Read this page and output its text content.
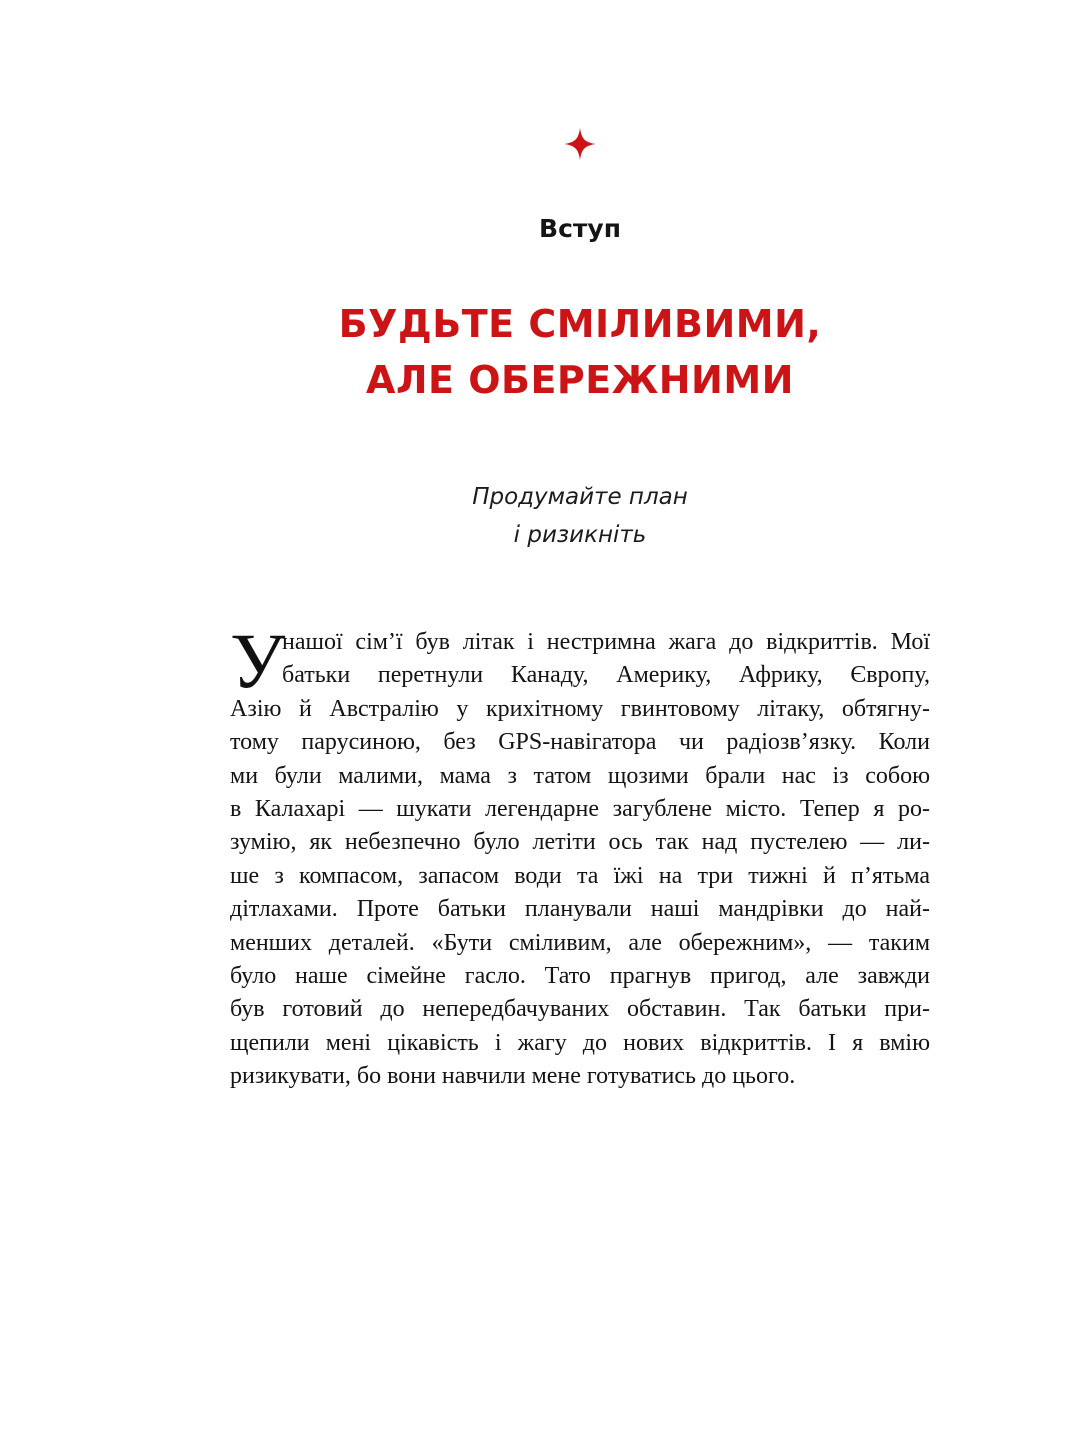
Вступ
БУДЬТЕ СМІЛИВИМИ,
АЛЕ ОБЕРЕЖНИМИ
Продумайте план
і ризикніть
У
нашої сім’ї був літак і нестримна жага до відкриттів. Мої
батьки перетнули Канаду, Америку, Африку, Європу,
Азію й Австралію у крихітному гвинтовому літаку, обтягну-
тому парусиною, без GPS-навігатора чи радіозв’язку. Коли
ми були малими, мама з татом щозими брали нас із собою
в Калахарі — шукати легендарне загублене місто. Тепер я ро-
зумію, як небезпечно було летіти ось так над пустелею — ли-
ше з компасом, запасом води та їжі на три тижні й п’ятьма
дітлахами. Проте батьки планували наші мандрівки до най-
менших деталей. «Бути сміливим, але обережним», — таким
було наше сімейне гасло. Тато прагнув пригод, але завжди
був готовий до непередбачуваних обставин. Так батьки при-
щепили мені цікавість і жагу до нових відкриттів. І я вмію
ризикувати, бо вони навчили мене готуватись до цього.
